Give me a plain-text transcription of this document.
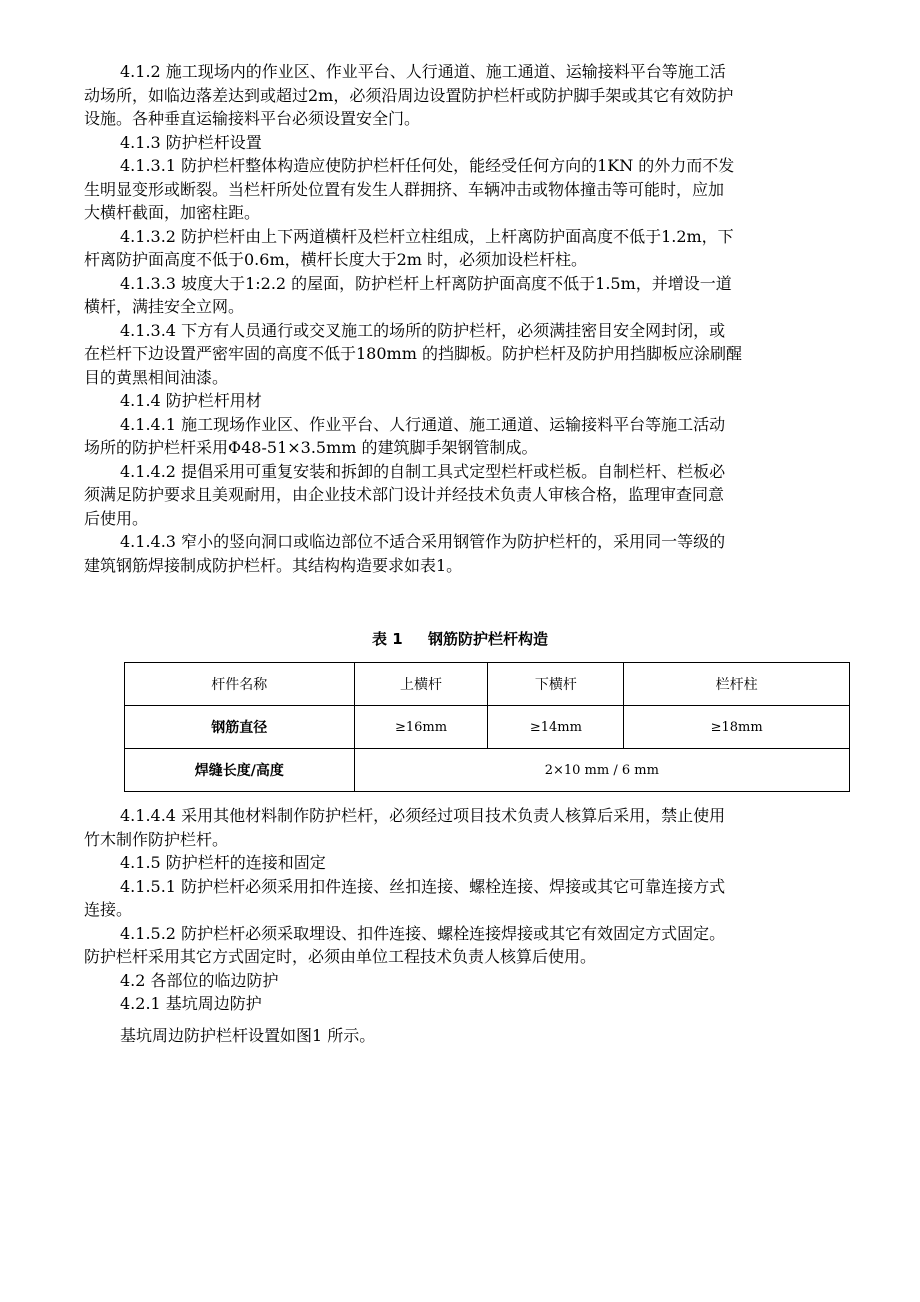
4.1.2 施工现场内的作业区、作业平台、人行通道、施工通道、运输接料平台等施工活
动场所，如临边落差达到或超过2m，必须沿周边设置防护栏杆或防护脚手架或其它有效防护
设施。各种垂直运输接料平台必须设置安全门。
4.1.3 防护栏杆设置
4.1.3.1 防护栏杆整体构造应使防护栏杆任何处，能经受任何方向的1KN 的外力而不发
生明显变形或断裂。当栏杆所处位置有发生人群拥挤、车辆冲击或物体撞击等可能时，应加
大横杆截面，加密柱距。
4.1.3.2 防护栏杆由上下两道横杆及栏杆立柱组成，上杆离防护面高度不低于1.2m，下
杆离防护面高度不低于0.6m，横杆长度大于2m 时，必须加设栏杆柱。
4.1.3.3 坡度大于1:2.2 的屋面，防护栏杆上杆离防护面高度不低于1.5m，并增设一道
横杆，满挂安全立网。
4.1.3.4 下方有人员通行或交叉施工的场所的防护栏杆，必须满挂密目安全网封闭，或
在栏杆下边设置严密牢固的高度不低于180mm 的挡脚板。防护栏杆及防护用挡脚板应涂刷醒
目的黄黑相间油漆。
4.1.4 防护栏杆用材
4.1.4.1 施工现场作业区、作业平台、人行通道、施工通道、运输接料平台等施工活动
场所的防护栏杆采用Φ48-51×3.5mm 的建筑脚手架钢管制成。
4.1.4.2 提倡采用可重复安装和拆卸的自制工具式定型栏杆或栏板。自制栏杆、栏板必
须满足防护要求且美观耐用，由企业技术部门设计并经技术负责人审核合格，监理审查同意
后使用。
4.1.4.3 窄小的竖向洞口或临边部位不适合采用钢管作为防护栏杆的，采用同一等级的
建筑钢筋焊接制成防护栏杆。其结构构造要求如表1。
表 1 钢筋防护栏杆构造
杆件名称	上横杆	下横杆	栏杆柱
钢筋直径	≥16mm	≥14mm	≥18mm
焊缝长度/高度	2×10 mm / 6 mm		
4.1.4.4 采用其他材料制作防护栏杆，必须经过项目技术负责人核算后采用，禁止使用
竹木制作防护栏杆。
4.1.5 防护栏杆的连接和固定
4.1.5.1 防护栏杆必须采用扣件连接、丝扣连接、螺栓连接、焊接或其它可靠连接方式
连接。
4.1.5.2 防护栏杆必须采取埋设、扣件连接、螺栓连接焊接或其它有效固定方式固定。
防护栏杆采用其它方式固定时，必须由单位工程技术负责人核算后使用。
4.2 各部位的临边防护
4.2.1 基坑周边防护

基坑周边防护栏杆设置如图1 所示。
